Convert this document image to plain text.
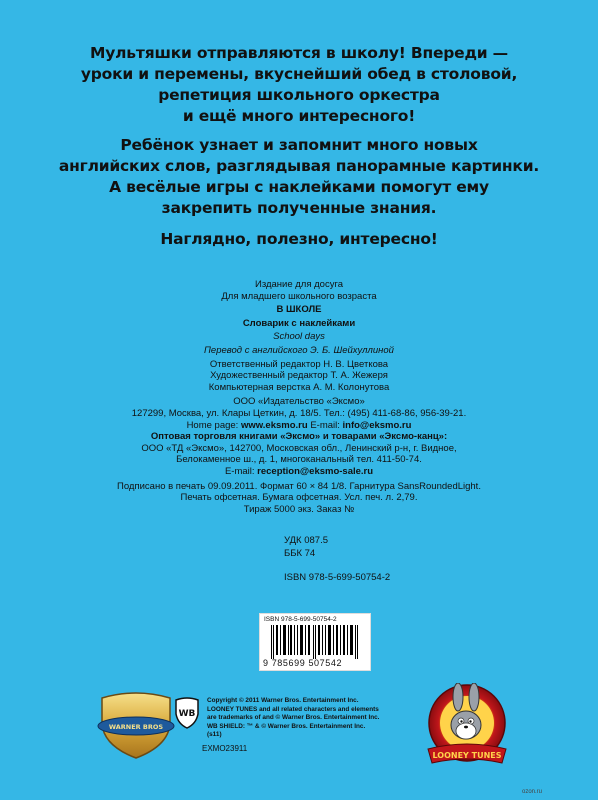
Мультяшки отправляются в школу! Впереди —
уроки и перемены, вкуснейший обед в столовой,
репетиция школьного оркестра
и ещё много интересного!
Ребёнок узнает и запомнит много новых
английских слов, разглядывая панорамные картинки.
А весёлые игры с наклейками помогут ему
закрепить полученные знания.
Наглядно, полезно, интересно!
Издание для досуга
Для младшего школьного возраста
В ШКОЛЕ
Словарик с наклейками
School days
Перевод с английского Э. Б. Шейхуллиной
Ответственный редактор Н. В. Цветкова
Художественный редактор Т. А. Жежеря
Компьютерная верстка А. М. Колонутова
ООО «Издательство «Эксмо»
127299, Москва, ул. Клары Цеткин, д. 18/5. Тел.: (495) 411-68-86, 956-39-21.
Home page: www.eksmo.ru E-mail: info@eksmo.ru
Оптовая торговля книгами «Эксмо» и товарами «Эксмо-канц»:
ООО «ТД «Эксмо», 142700, Московская обл., Ленинский р-н, г. Видное,
Белокаменное ш., д. 1, многоканальный тел. 411-50-74.
E-mail: reception@eksmo-sale.ru
Подписано в печать 09.09.2011. Формат 60 × 84 1/8. Гарнитура SansRoundedLight.
Печать офсетная. Бумага офсетная. Усл. печ. л. 2,79.
Тираж 5000 экз. Заказ №
УДК 087.5
ББК 74
ISBN 978-5-699-50754-2
ISBN 978-5-699-50754-2
9 785699 507542
WARNER BROS
WB
Copyright © 2011 Warner Bros. Entertainment Inc.
LOONEY TUNES and all related characters and elements
are trademarks of and © Warner Bros. Entertainment Inc.
WB SHIELD: ™ & © Warner Bros. Entertainment Inc.
(s11)
EXMO23911
LOONEY TUNES
ozon.ru
